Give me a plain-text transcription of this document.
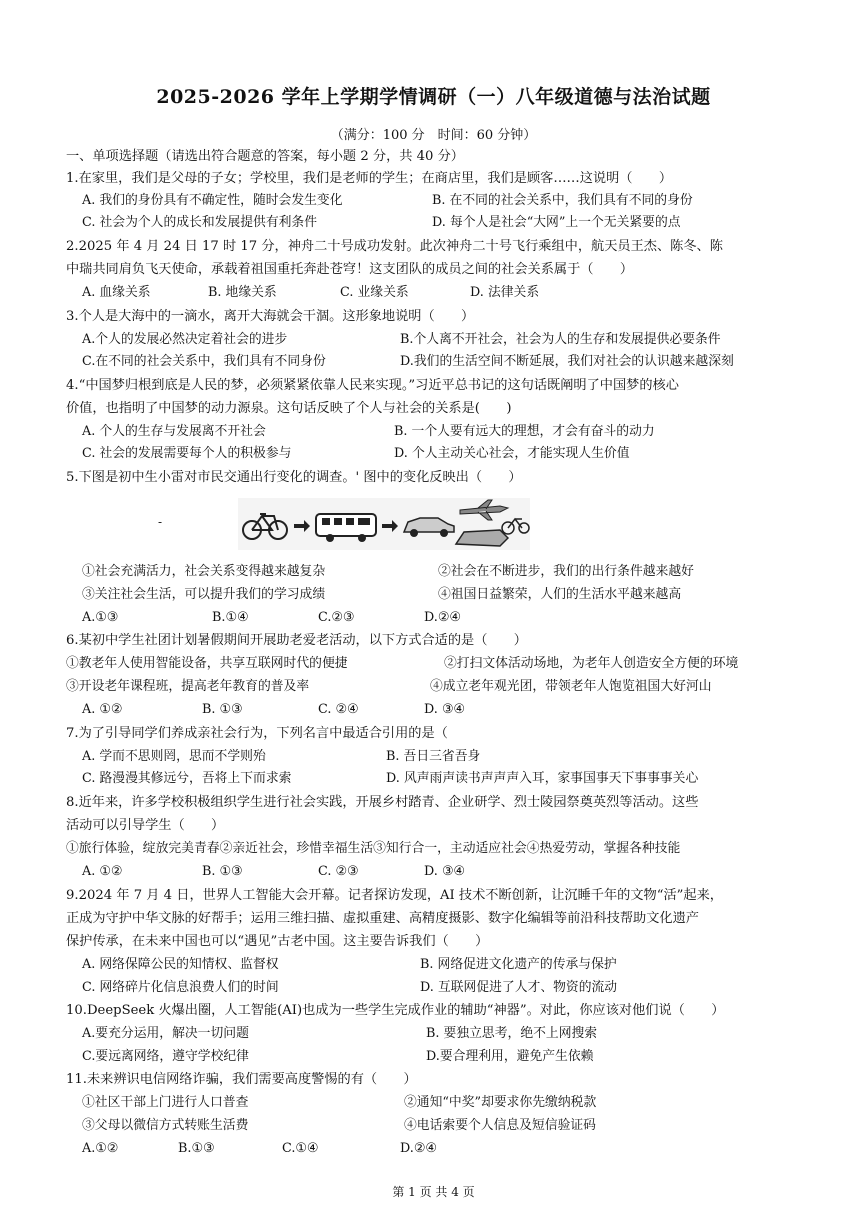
2025-2026 学年上学期学情调研（一）八年级道德与法治试题
（满分：100 分　时间：60 分钟）
一、单项选择题（请选出符合题意的答案，每小题 2 分，共 40 分）
1.在家里，我们是父母的子女；学校里，我们是老师的学生；在商店里，我们是顾客……这说明（　　）
A. 我们的身份具有不确定性，随时会发生变化	B. 在不同的社会关系中，我们具有不同的身份
C. 社会为个人的成长和发展提供有利条件	D. 每个人是社会“大网”上一个无关紧要的点
2.2025 年 4 月 24 日 17 时 17 分，神舟二十号成功发射。此次神舟二十号飞行乘组中，航天员王杰、陈冬、陈
中瑞共同肩负飞天使命，承载着祖国重托奔赴苍穹！这支团队的成员之间的社会关系属于（　　）
A. 血缘关系	B. 地缘关系	C. 业缘关系	D. 法律关系
3.个人是大海中的一滴水，离开大海就会干涸。这形象地说明（　　）
A.个人的发展必然决定着社会的进步	B.个人离不开社会，社会为人的生存和发展提供必要条件
C.在不同的社会关系中，我们具有不同身份	D.我们的生活空间不断延展，我们对社会的认识越来越深刻
4.“中国梦归根到底是人民的梦，必须紧紧依靠人民来实现。”习近平总书记的这句话既阐明了中国梦的核心
价值，也指明了中国梦的动力源泉。这句话反映了个人与社会的关系是(　　)
A. 个人的生存与发展离不开社会	B. 一个人要有远大的理想，才会有奋斗的动力
C. 社会的发展需要每个人的积极参与	D. 个人主动关心社会，才能实现人生价值
5.下图是初中生小雷对市民交通出行变化的调查。' 图中的变化反映出（　　）
-
①社会充满活力，社会关系变得越来越复杂	②社会在不断进步，我们的出行条件越来越好
③关注社会生活，可以提升我们的学习成绩	④祖国日益繁荣，人们的生活水平越来越高
A.①③	B.①④	C.②③	D.②④
6.某初中学生社团计划暑假期间开展助老爱老活动，以下方式合适的是（　　）
①教老年人使用智能设备，共享互联网时代的便捷	②打扫文体活动场地，为老年人创造安全方便的环境
③开设老年课程班，提高老年教育的普及率	④成立老年观光团，带领老年人饱览祖国大好河山
A. ①②	B. ①③	C. ②④	D. ③④
7.为了引导同学们养成亲社会行为，下列名言中最适合引用的是（
A. 学而不思则罔，思而不学则殆	B. 吾日三省吾身
C. 路漫漫其修远兮，吾将上下而求索	D. 风声雨声读书声声声入耳，家事国事天下事事事关心
8.近年来，许多学校积极组织学生进行社会实践，开展乡村踏青、企业研学、烈士陵园祭奠英烈等活动。这些
活动可以引导学生（　　）
①旅行体验，绽放完美青春②亲近社会，珍惜幸福生活③知行合一，主动适应社会④热爱劳动，掌握各种技能
A. ①②	B. ①③	C. ②③	D. ③④
9.2024 年 7 月 4 日，世界人工智能大会开幕。记者探访发现，AI 技术不断创新，让沉睡千年的文物“活”起来，
正成为守护中华文脉的好帮手；运用三维扫描、虚拟重建、高精度摄影、数字化编辑等前沿科技帮助文化遗产
保护传承，在未来中国也可以“遇见”古老中国。这主要告诉我们（　　）
A. 网络保障公民的知情权、监督权	B. 网络促进文化遗产的传承与保护
C. 网络碎片化信息浪费人们的时间	D. 互联网促进了人才、物资的流动
10.DeepSeek 火爆出圈，人工智能(AI)也成为一些学生完成作业的辅助“神器”。对此，你应该对他们说（　　）
A.要充分运用，解决一切问题	B. 要独立思考，绝不上网搜索
C.要远离网络，遵守学校纪律	D.要合理利用，避免产生依赖
11.未来辨识电信网络诈骗，我们需要高度警惕的有（　　）
①社区干部上门进行人口普查	②通知“中奖”却要求你先缴纳税款
③父母以微信方式转账生活费	④电话索要个人信息及短信验证码
A.①②	B.①③	C.①④	D.②④
第 1 页 共 4 页
